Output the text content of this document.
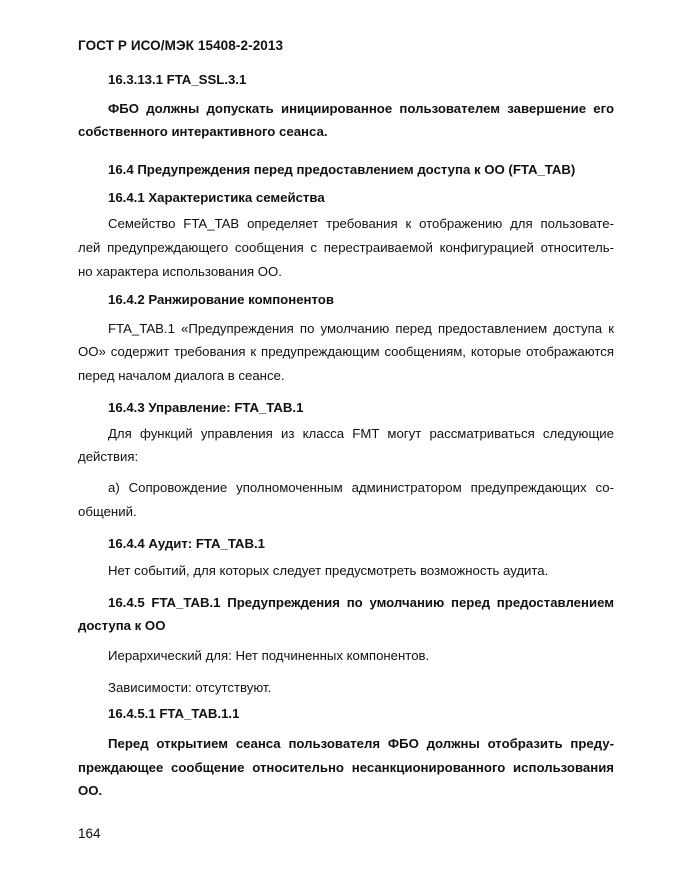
ГОСТ Р ИСО/МЭК 15408-2-2013
16.3.13.1 FTA_SSL.3.1
ФБО должны допускать инициированное пользователем завершение его
собственного интерактивного сеанса.
16.4 Предупреждения перед предоставлением доступа к ОО (FTA_TAB)
16.4.1 Характеристика семейства
Семейство FTA_TAB определяет требования к отображению для пользовате-
лей предупреждающего сообщения с перестраиваемой конфигурацией относитель-
но характера использования ОО.
16.4.2 Ранжирование компонентов
FTA_TAB.1 «Предупреждения по умолчанию перед предоставлением доступа к
ОО» содержит требования к предупреждающим сообщениям, которые отображаются
перед началом диалога в сеансе.
16.4.3 Управление: FTA_TAB.1
Для функций управления из класса FMT могут рассматриваться следующие
действия:
а) Сопровождение уполномоченным администратором предупреждающих со-
общений.
16.4.4 Аудит: FTA_TAB.1
Нет событий, для которых следует предусмотреть возможность аудита.
16.4.5 FTA_TAB.1 Предупреждения по умолчанию перед предоставлением
доступа к ОО
Иерархический для: Нет подчиненных компонентов.
Зависимости: отсутствуют.
16.4.5.1 FTA_TAB.1.1
Перед открытием сеанса пользователя ФБО должны отобразить преду-
преждающее сообщение относительно несанкционированного использования
ОО.
164
